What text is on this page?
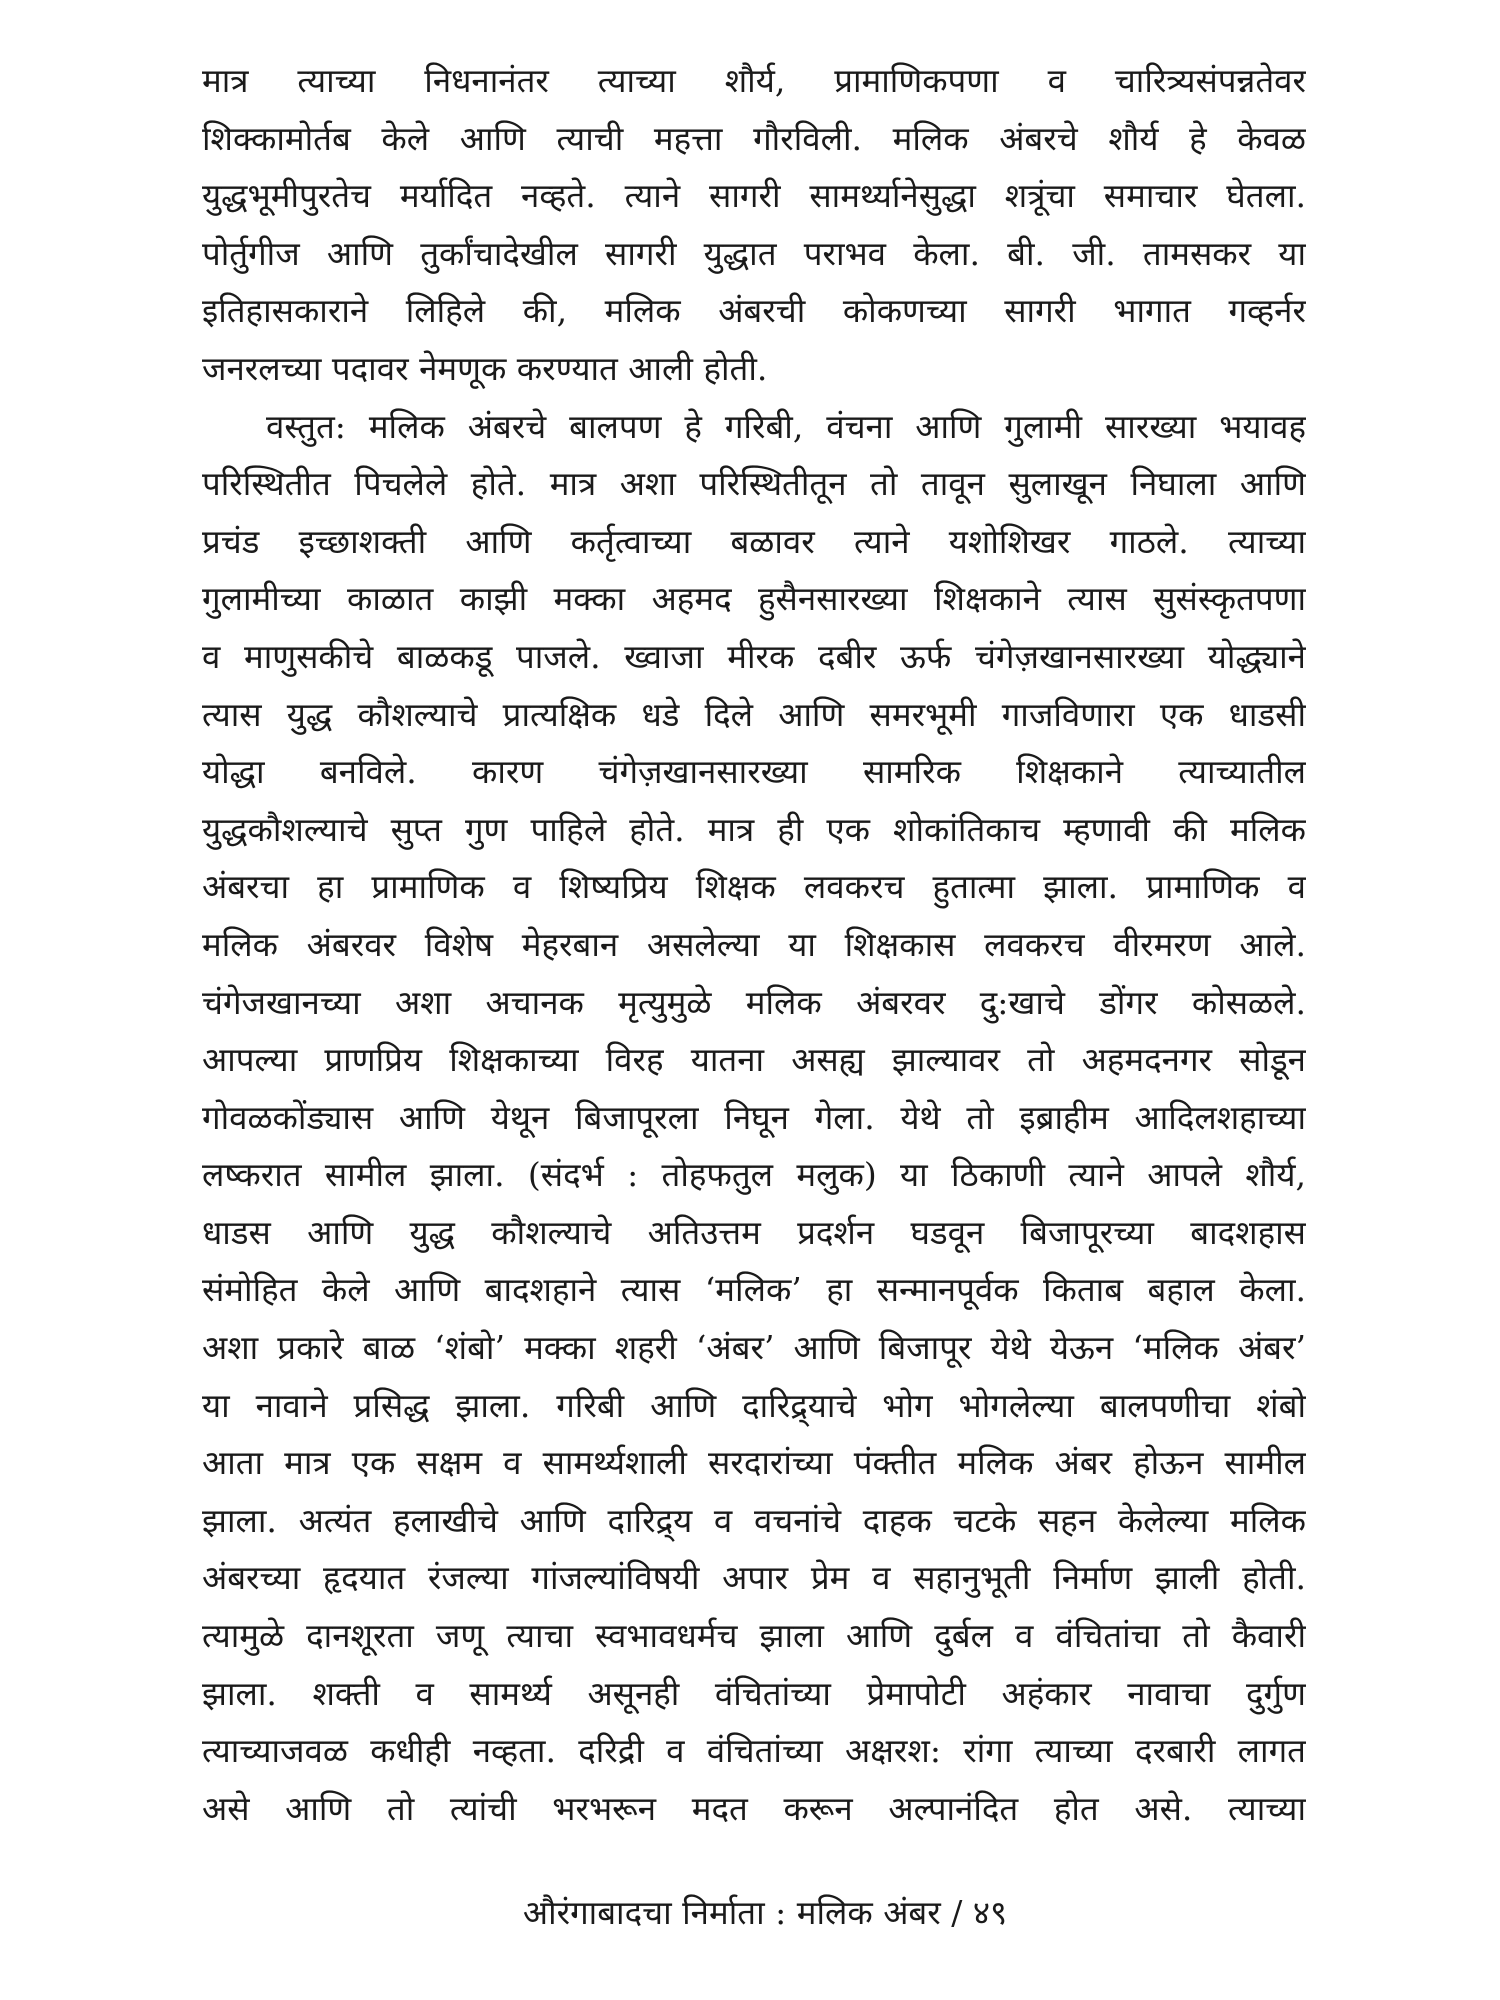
मात्र त्याच्या निधनानंतर त्याच्या शौर्य, प्रामाणिकपणा व चारित्र्यसंपन्नतेवर
शिक्कामोर्तब केले आणि त्याची महत्ता गौरविली. मलिक अंबरचे शौर्य हे केवळ
युद्धभूमीपुरतेच मर्यादित नव्हते. त्याने सागरी सामर्थ्यानेसुद्धा शत्रूंचा समाचार घेतला.
पोर्तुगीज आणि तुर्कांचादेखील सागरी युद्धात पराभव केला. बी. जी. तामसकर या
इतिहासकाराने लिहिले की, मलिक अंबरची कोकणच्या सागरी भागात गव्हर्नर
जनरलच्या पदावर नेमणूक करण्यात आली होती.
वस्तुत: मलिक अंबरचे बालपण हे गरिबी, वंचना आणि गुलामी सारख्या भयावह
परिस्थितीत पिचलेले होते. मात्र अशा परिस्थितीतून तो तावून सुलाखून निघाला आणि
प्रचंड इच्छाशक्ती आणि कर्तृत्वाच्या बळावर त्याने यशोशिखर गाठले. त्याच्या
गुलामीच्या काळात काझी मक्का अहमद हुसैनसारख्या शिक्षकाने त्यास सुसंस्कृतपणा
व माणुसकीचे बाळकडू पाजले. ख्वाजा मीरक दबीर ऊर्फ चंगेज़खानसारख्या योद्ध्याने
त्यास युद्ध कौशल्याचे प्रात्यक्षिक धडे दिले आणि समरभूमी गाजविणारा एक धाडसी
योद्धा बनविले. कारण चंगेज़खानसारख्या सामरिक शिक्षकाने त्याच्यातील
युद्धकौशल्याचे सुप्त गुण पाहिले होते. मात्र ही एक शोकांतिकाच म्हणावी की मलिक
अंबरचा हा प्रामाणिक व शिष्यप्रिय शिक्षक लवकरच हुतात्मा झाला. प्रामाणिक व
मलिक अंबरवर विशेष मेहरबान असलेल्या या शिक्षकास लवकरच वीरमरण आले.
चंगेजखानच्या अशा अचानक मृत्युमुळे मलिक अंबरवर दु:खाचे डोंगर कोसळले.
आपल्या प्राणप्रिय शिक्षकाच्या विरह यातना असह्य झाल्यावर तो अहमदनगर सोडून
गोवळकोंड्यास आणि येथून बिजापूरला निघून गेला. येथे तो इब्राहीम आदिलशहाच्या
लष्करात सामील झाला. (संदर्भ : तोहफतुल मलुक) या ठिकाणी त्याने आपले शौर्य,
धाडस आणि युद्ध कौशल्याचे अतिउत्तम प्रदर्शन घडवून बिजापूरच्या बादशहास
संमोहित केले आणि बादशहाने त्यास ‘मलिक’ हा सन्मानपूर्वक किताब बहाल केला.
अशा प्रकारे बाळ ‘शंबो’ मक्का शहरी ‘अंबर’ आणि बिजापूर येथे येऊन ‘मलिक अंबर’
या नावाने प्रसिद्ध झाला. गरिबी आणि दारिद्र्याचे भोग भोगलेल्या बालपणीचा शंबो
आता मात्र एक सक्षम व सामर्थ्यशाली सरदारांच्या पंक्तीत मलिक अंबर होऊन सामील
झाला. अत्यंत हलाखीचे आणि दारिद्र्य व वचनांचे दाहक चटके सहन केलेल्या मलिक
अंबरच्या हृदयात रंजल्या गांजल्यांविषयी अपार प्रेम व सहानुभूती निर्माण झाली होती.
त्यामुळे दानशूरता जणू त्याचा स्वभावधर्मच झाला आणि दुर्बल व वंचितांचा तो कैवारी
झाला. शक्ती व सामर्थ्य असूनही वंचितांच्या प्रेमापोटी अहंकार नावाचा दुर्गुण
त्याच्याजवळ कधीही नव्हता. दरिद्री व वंचितांच्या अक्षरश: रांगा त्याच्या दरबारी लागत
असे आणि तो त्यांची भरभरून मदत करून अल्पानंदित होत असे. त्याच्या
औरंगाबादचा निर्माता : मलिक अंबर / ४९
